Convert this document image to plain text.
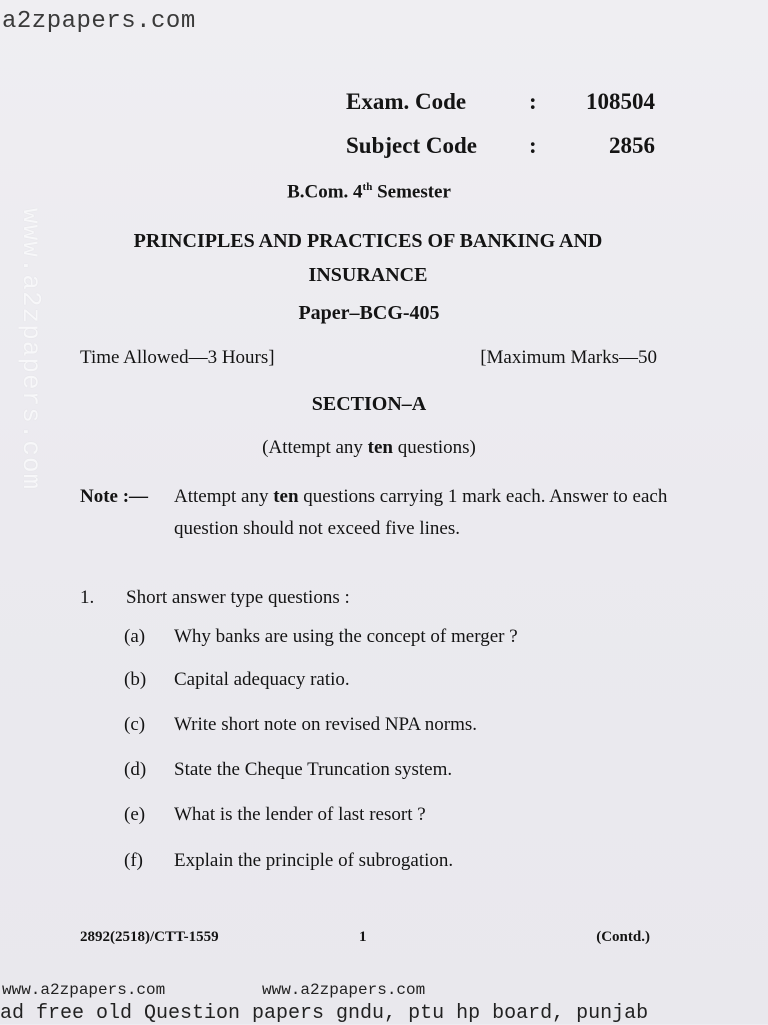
a2zpapers.com
www.a2zpapers.com
Exam. Code	: 108504
Subject Code :	2856
B.Com. 4th Semester
PRINCIPLES AND PRACTICES OF BANKING AND INSURANCE
Paper–BCG-405
Time Allowed—3 Hours]	[Maximum Marks—50
SECTION–A
(Attempt any ten questions)
Note :— Attempt any ten questions carrying 1 mark each. Answer to each question should not exceed five lines.
1. Short answer type questions :
(a) Why banks are using the concept of merger ?
(b) Capital adequacy ratio.
(c) Write short note on revised NPA norms.
(d) State the Cheque Truncation system.
(e) What is the lender of last resort ?
(f) Explain the principle of subrogation.
2892(2518)/CTT-1559	1	(Contd.)
www.a2zpapers.com	www.a2zpapers.com
ad free old Question papers gndu, ptu hp board, punjab
